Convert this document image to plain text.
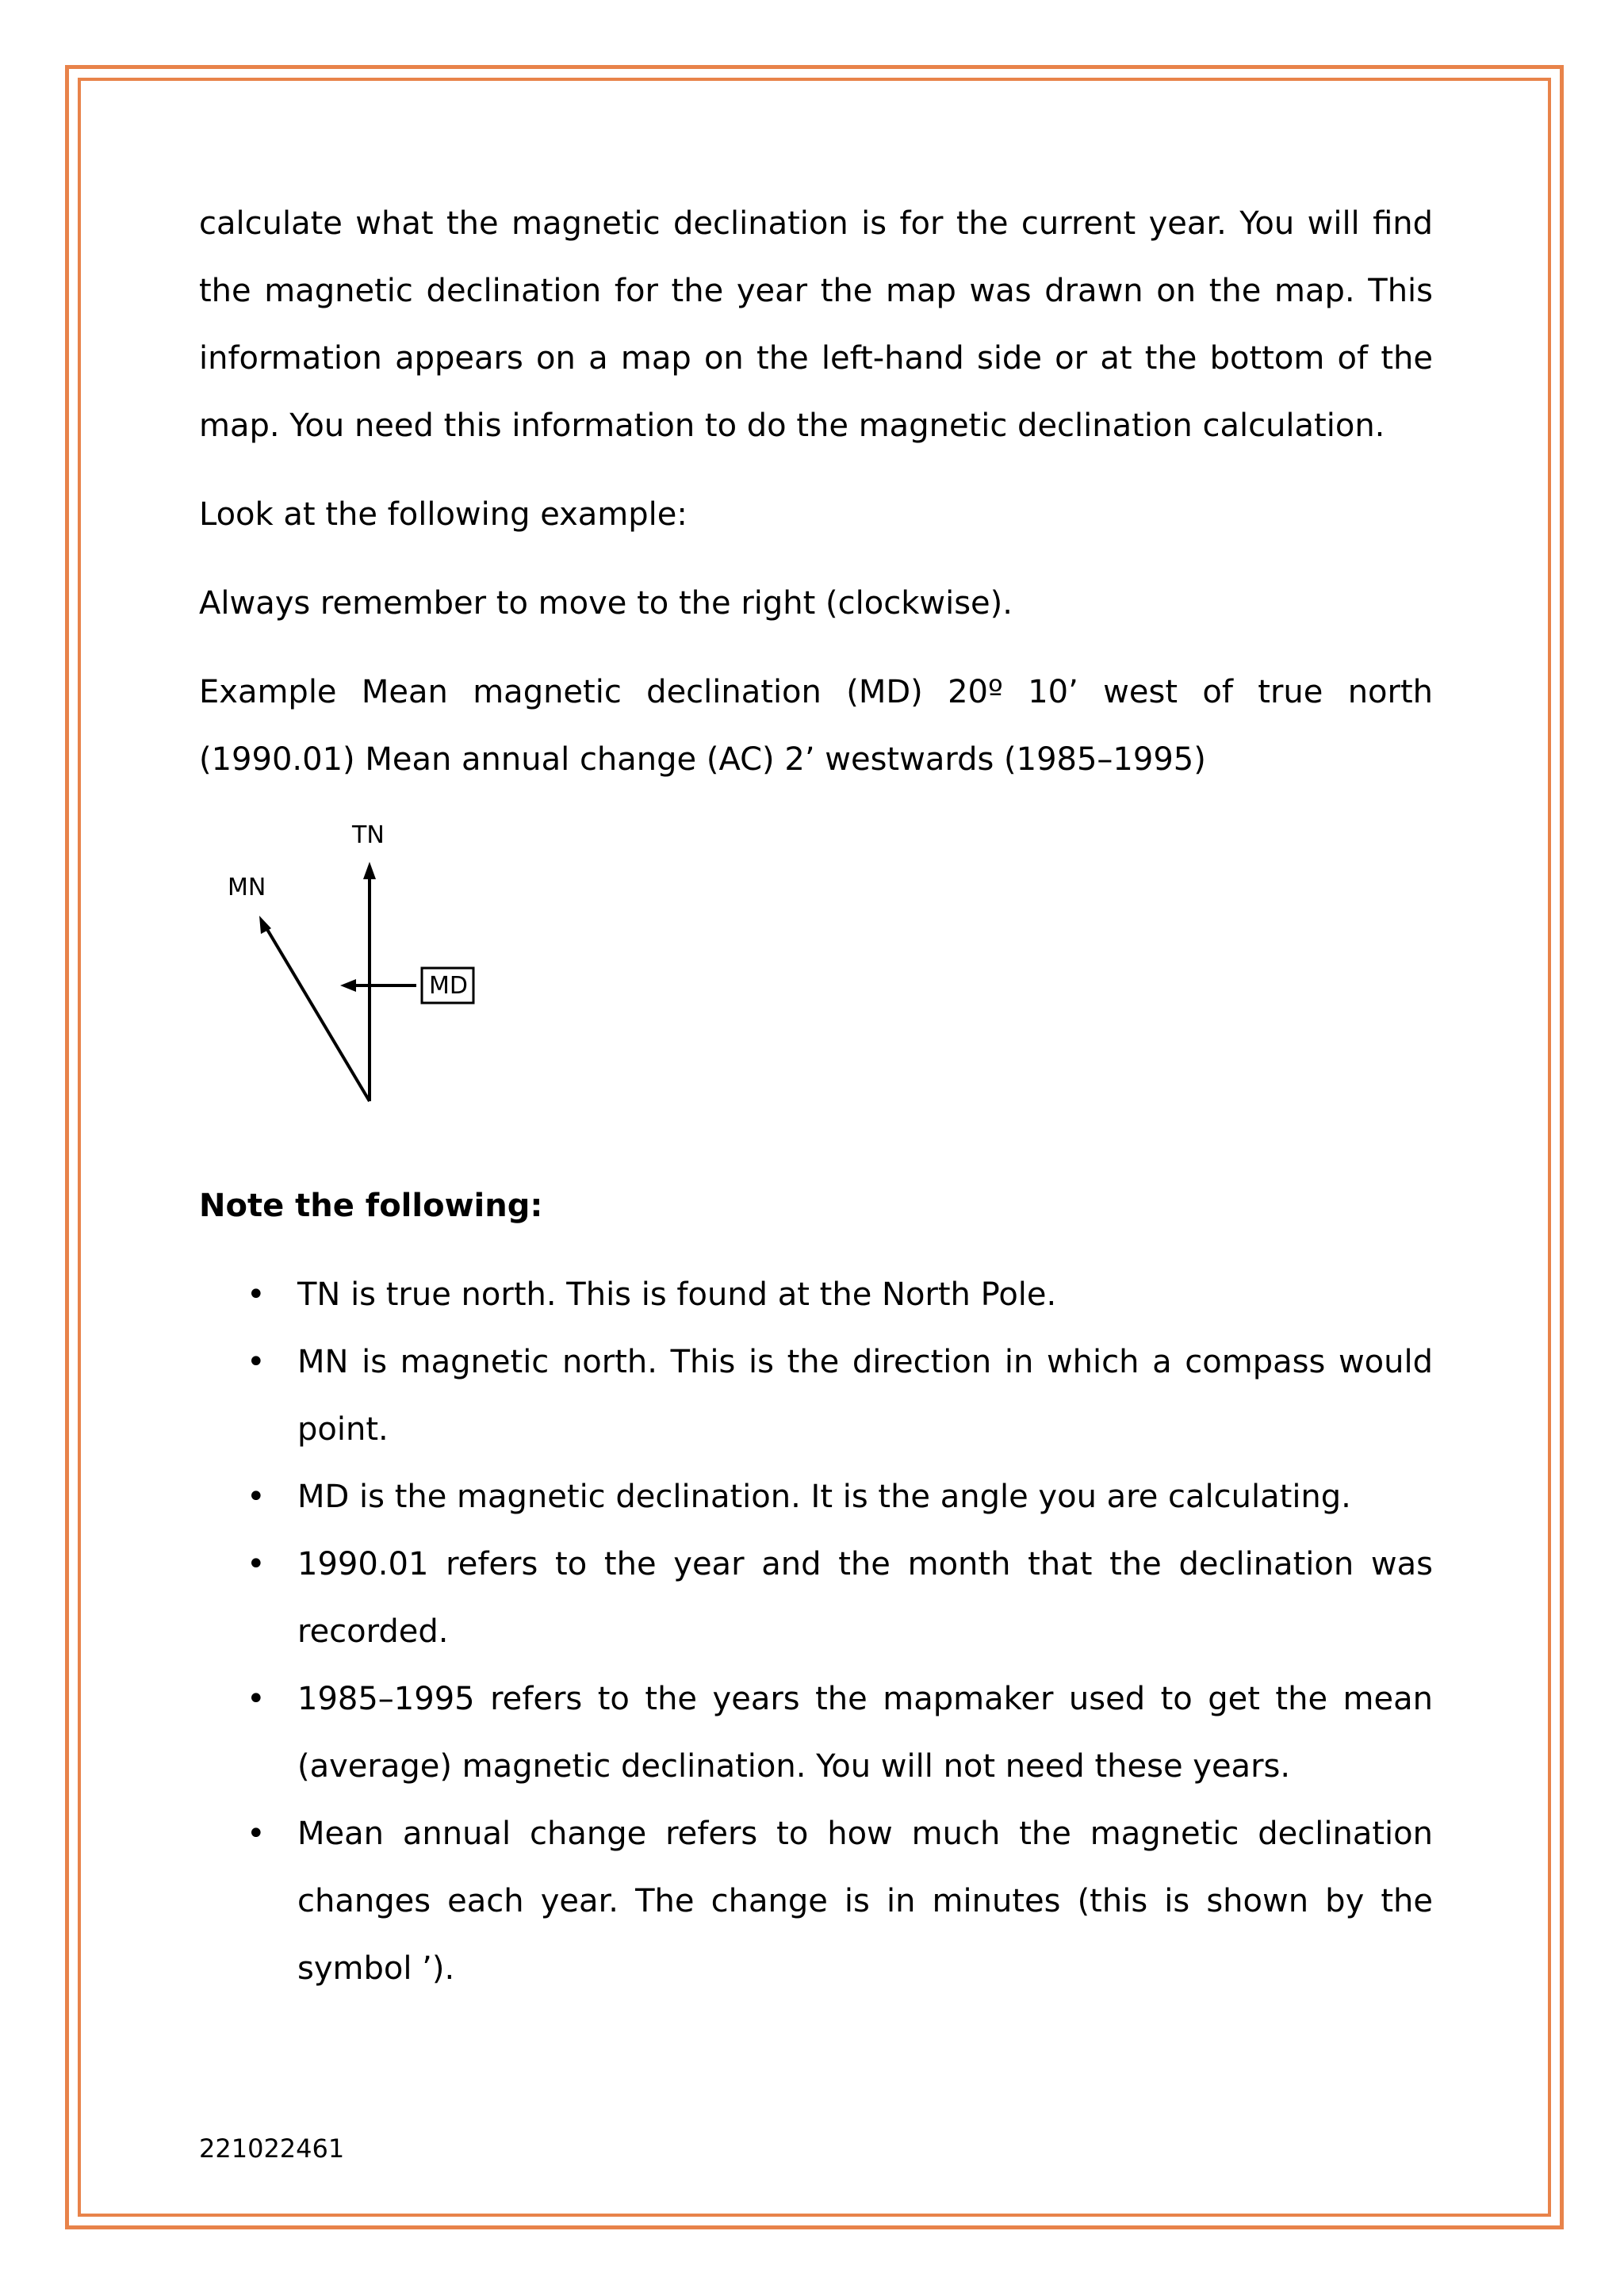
calculate what the magnetic declination is for the current year. You will find the magnetic declination for the year the map was drawn on the map. This information appears on a map on the left-hand side or at the bottom of the map. You need this information to do the magnetic declination calculation.

Look at the following example:

Always remember to move to the right (clockwise).

Example Mean magnetic declination (MD) 20º 10’ west of true north (1990.01) Mean annual change (AC) 2’ westwards (1985–1995)

TN
MN
MD

Note the following:

• TN is true north. This is found at the North Pole.
• MN is magnetic north. This is the direction in which a compass would point.
• MD is the magnetic declination. It is the angle you are calculating.
• 1990.01 refers to the year and the month that the declination was recorded.
• 1985–1995 refers to the years the mapmaker used to get the mean (average) magnetic declination. You will not need these years.
• Mean annual change refers to how much the magnetic declination changes each year. The change is in minutes (this is shown by the symbol ’).
221022461
